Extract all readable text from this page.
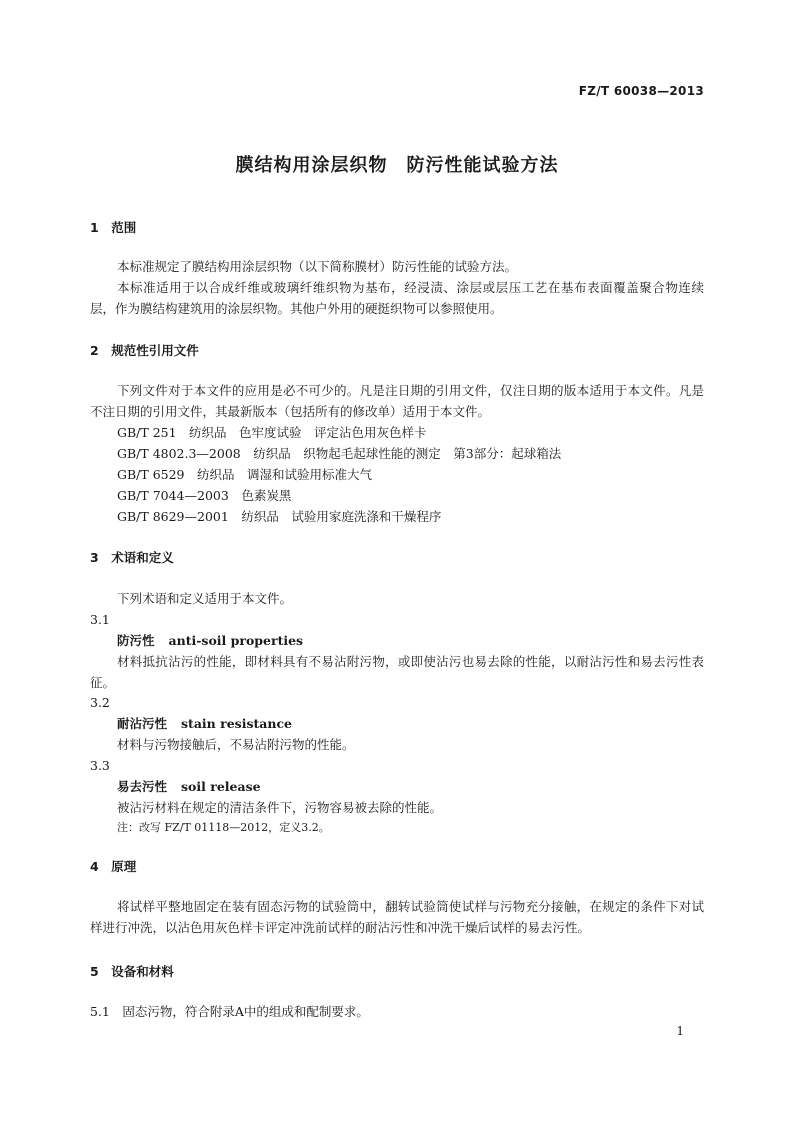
FZ/T 60038—2013
膜结构用涂层织物　防污性能试验方法
1　范围
本标准规定了膜结构用涂层织物（以下简称膜材）防污性能的试验方法。
本标准适用于以合成纤维或玻璃纤维织物为基布，经浸渍、涂层或层压工艺在基布表面覆盖聚合物连续层，作为膜结构建筑用的涂层织物。其他户外用的硬挺织物可以参照使用。
2　规范性引用文件
下列文件对于本文件的应用是必不可少的。凡是注日期的引用文件，仅注日期的版本适用于本文件。凡是不注日期的引用文件，其最新版本（包括所有的修改单）适用于本文件。
GB/T 251　纺织品　色牢度试验　评定沾色用灰色样卡
GB/T 4802.3—2008　纺织品　织物起毛起球性能的测定　第3部分：起球箱法
GB/T 6529　纺织品　调湿和试验用标准大气
GB/T 7044—2003　色素炭黑
GB/T 8629—2001　纺织品　试验用家庭洗涤和干燥程序
3　术语和定义
下列术语和定义适用于本文件。
3.1
防污性 anti-soil properties
材料抵抗沾污的性能，即材料具有不易沾附污物，或即使沾污也易去除的性能，以耐沾污性和易去污性表征。
3.2
耐沾污性 stain resistance
材料与污物接触后，不易沾附污物的性能。
3.3
易去污性 soil release
被沾污材料在规定的清洁条件下，污物容易被去除的性能。
注：改写 FZ/T 01118—2012，定义3.2。
4　原理
将试样平整地固定在装有固态污物的试验筒中，翻转试验筒使试样与污物充分接触，在规定的条件下对试样进行冲洗，以沾色用灰色样卡评定冲洗前试样的耐沾污性和冲洗干燥后试样的易去污性。
5　设备和材料
5.1　固态污物，符合附录A中的组成和配制要求。
1
